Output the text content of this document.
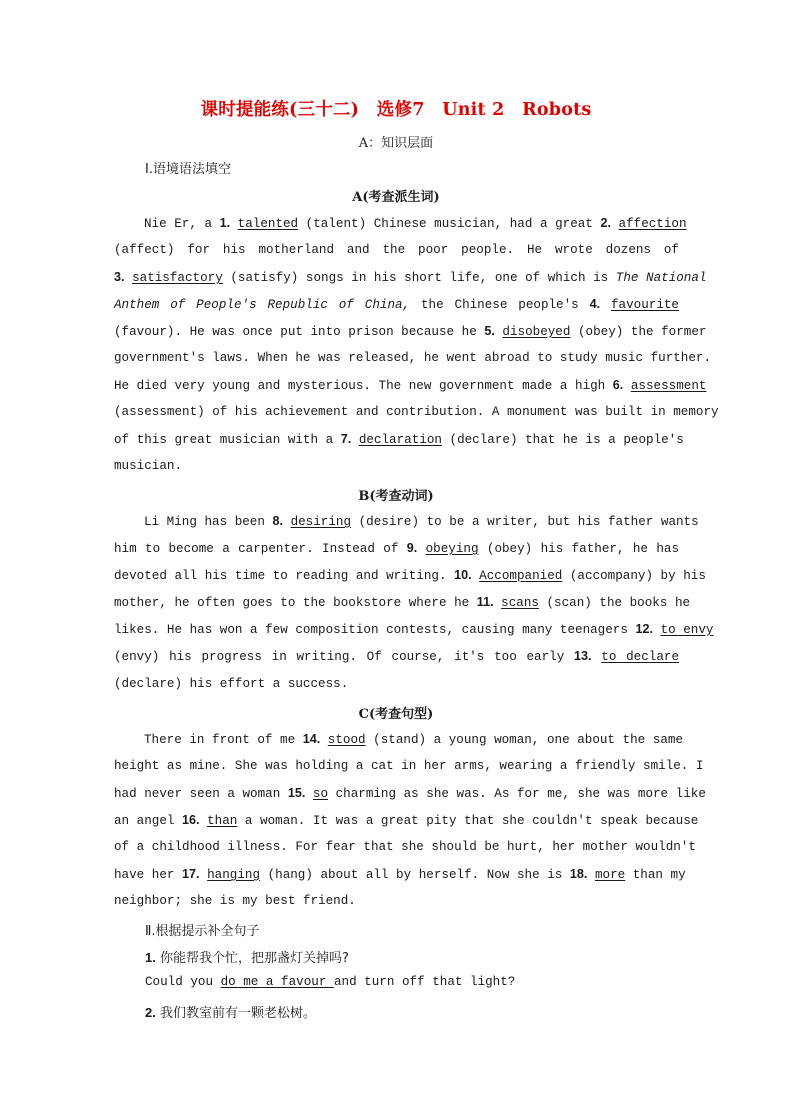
课时提能练(三十二)　选修7　Unit 2　Robots
A：知识层面
Ⅰ.语境语法填空
A(考查派生词)
Nie Er, a 1. talented (talent) Chinese musician, had a great 2. affection
(affect) for his motherland and the poor people. He wrote dozens of
3. satisfactory (satisfy) songs in his short life, one of which is The National
Anthem of People's Republic of China, the Chinese people's 4. favourite
(favour). He was once put into prison because he 5. disobeyed (obey) the former
government's laws. When he was released, he went abroad to study music further.
He died very young and mysterious. The new government made a high 6. assessment
(assessment) of his achievement and contribution. A monument was built in memory
of this great musician with a 7. declaration (declare) that he is a people's
musician.
B(考查动词)
Li Ming has been 8. desiring (desire) to be a writer, but his father wants
him to become a carpenter. Instead of 9. obeying (obey) his father, he has
devoted all his time to reading and writing. 10. Accompanied (accompany) by his
mother, he often goes to the bookstore where he 11. scans (scan) the books he
likes. He has won a few composition contests, causing many teenagers 12. to envy
(envy) his progress in writing. Of course, it's too early 13. to declare
(declare) his effort a success.
C(考查句型)
There in front of me 14. stood (stand) a young woman, one about the same
height as mine. She was holding a cat in her arms, wearing a friendly smile. I
had never seen a woman 15. so charming as she was. As for me, she was more like
an angel 16. than a woman. It was a great pity that she couldn't speak because
of a childhood illness. For fear that she should be hurt, her mother wouldn't
have her 17. hanging (hang) about all by herself. Now she is 18. more than my
neighbor; she is my best friend.
Ⅱ.根据提示补全句子
1. 你能帮我个忙，把那盏灯关掉吗?
Could you do me a favour and turn off that light?
2. 我们教室前有一颗老松树。
